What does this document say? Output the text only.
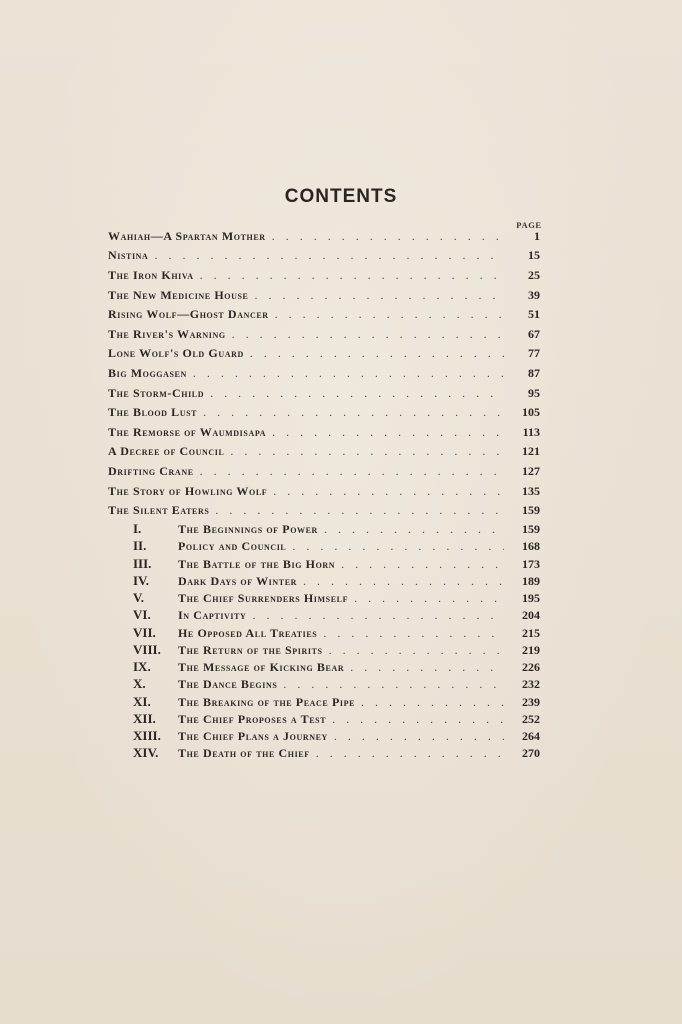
CONTENTS
PAGE
Wahiah—A Spartan Mother . . .	1
Nistina . . .	15
The Iron Khiva . . .	25
The New Medicine House . . .	39
Rising Wolf—Ghost Dancer . . .	51
The River's Warning . . .	67
Lone Wolf's Old Guard . . .	77
Big Moggasen . . .	87
The Storm-Child . . .	95
The Blood Lust . . .	105
The Remorse of Waumdisapa . . .	113
A Decree of Council . . .	121
Drifting Crane . . .	127
The Story of Howling Wolf . . .	135
The Silent Eaters . . .	159
I.	The Beginnings of Power . . .	159
II.	Policy and Council . . .	168
III.	The Battle of the Big Horn . . .	173
IV.	Dark Days of Winter . . .	189
V.	The Chief Surrenders Himself . . .	195
VI.	In Captivity . . .	204
VII.	He Opposed All Treaties . . .	215
VIII.	The Return of the Spirits . . .	219
IX.	The Message of Kicking Bear . . .	226
X.	The Dance Begins . . .	232
XI.	The Breaking of the Peace Pipe . . .	239
XII.	The Chief Proposes a Test . . .	252
XIII.	The Chief Plans a Journey . . .	264
XIV.	The Death of the Chief . . .	270
